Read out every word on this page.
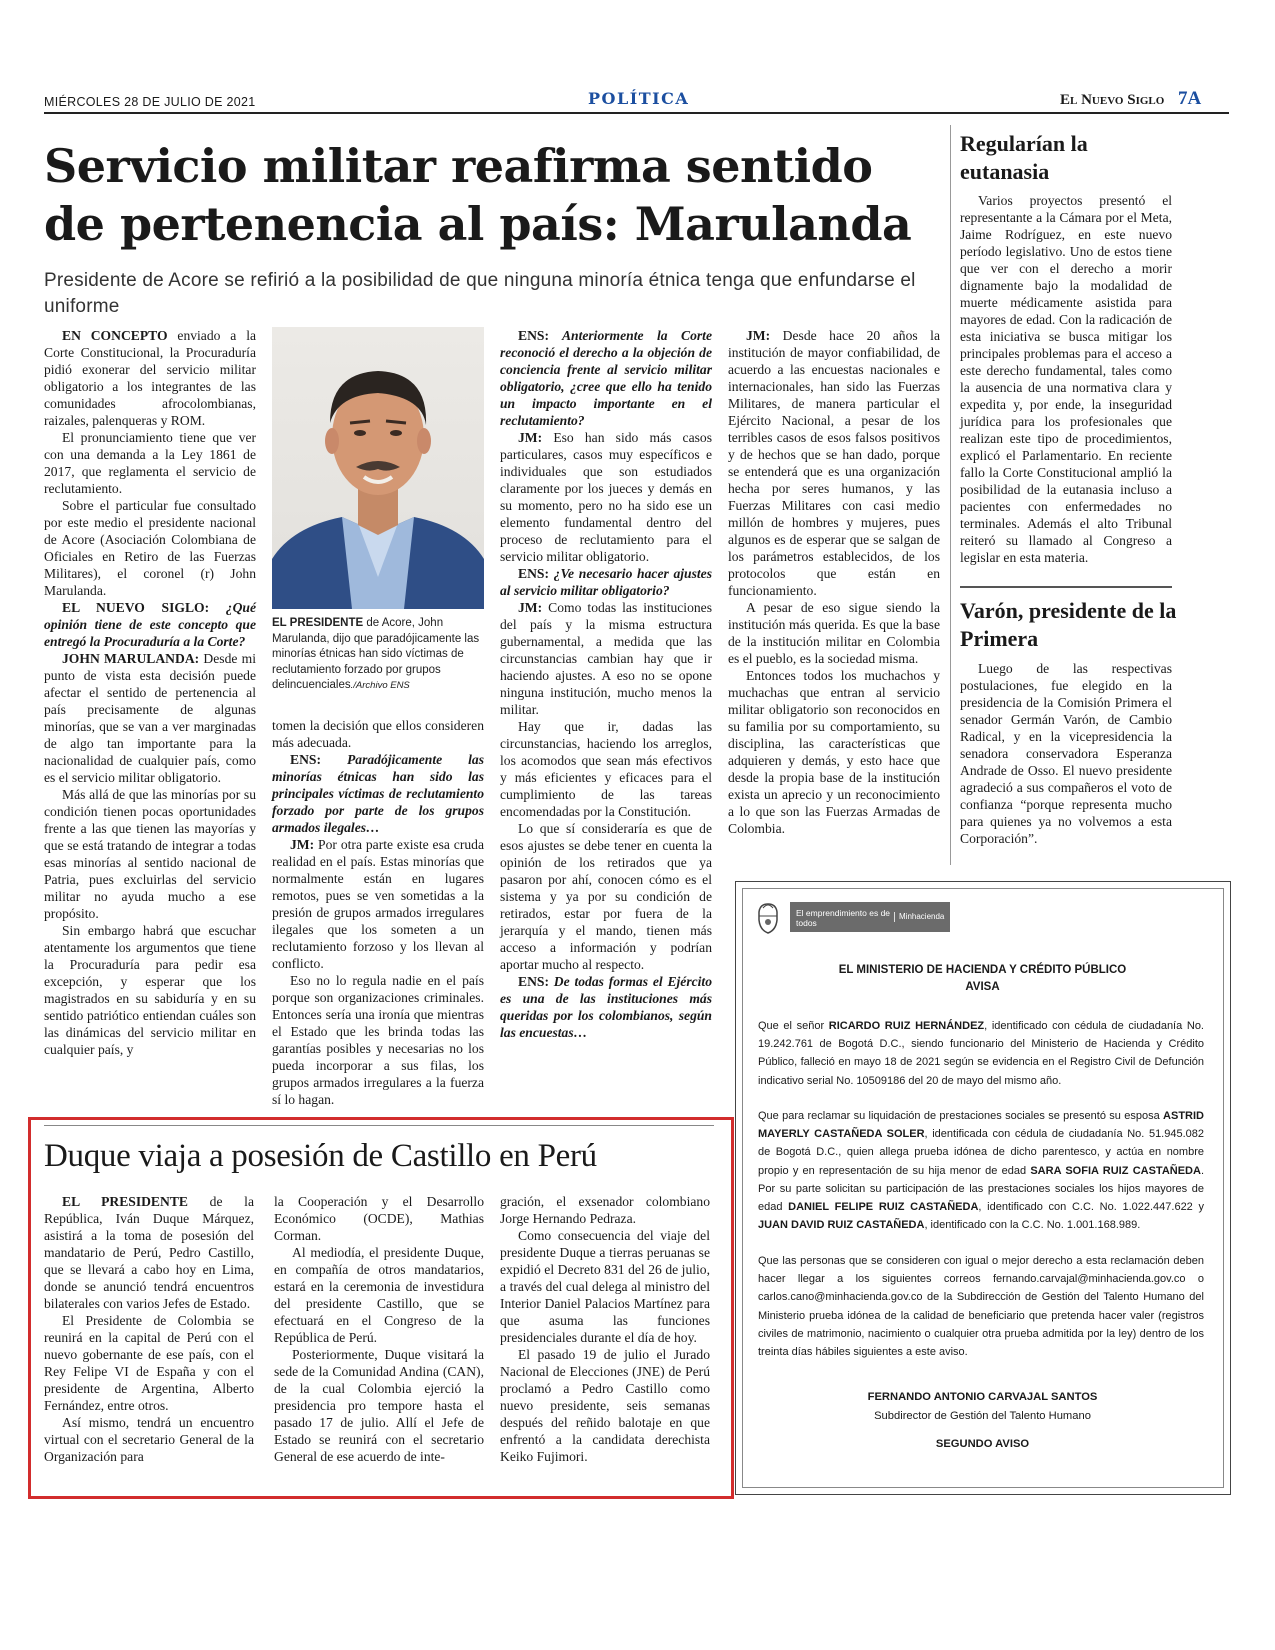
MIÉRCOLES 28 DE JULIO DE 2021	POLÍTICA	El Nuevo Siglo 7A
Servicio militar reafirma sentido
de pertenencia al país: Marulanda
Presidente de Acore se refirió a la posibilidad de que ninguna minoría étnica tenga que enfundarse el uniforme

EN CONCEPTO enviado a la Corte Constitucional, la Procuraduría pidió exonerar del servicio militar obligatorio a los integrantes de las comunidades afrocolombianas, raizales, palenqueras y ROM.

El pronunciamiento tiene que ver con una demanda a la Ley 1861 de 2017, que reglamenta el servicio de reclutamiento.

Sobre el particular fue consultado por este medio el presidente nacional de Acore (Asociación Colombiana de Oficiales en Retiro de las Fuerzas Militares), el coronel (r) John Marulanda.

EL NUEVO SIGLO: ¿Qué opinión tiene de este concepto que entregó la Procuraduría a la Corte?

JOHN MARULANDA: Desde mi punto de vista esta decisión puede afectar el sentido de pertenencia al país precisamente de algunas minorías, que se van a ver marginadas de algo tan importante para la nacionalidad de cualquier país, como es el servicio militar obligatorio.

Más allá de que las minorías por su condición tienen pocas oportunidades frente a las que tienen las mayorías y que se está tratando de integrar a todas esas minorías al sentido nacional de Patria, pues excluirlas del servicio militar no ayuda mucho a ese propósito.

Sin embargo habrá que escuchar atentamente los argumentos que tiene la Procuraduría para pedir esa excepción, y esperar que los magistrados en su sabiduría y en su sentido patriótico entiendan cuáles son las dinámicas del servicio militar en cualquier país, y

EL PRESIDENTE de Acore, John Marulanda, dijo que paradójicamente las minorías étnicas han sido víctimas de reclutamiento forzado por grupos delincuenciales./Archivo ENS

tomen la decisión que ellos consideren más adecuada.

ENS: Paradójicamente las minorías étnicas han sido las principales víctimas de reclutamiento forzado por parte de los grupos armados ilegales…

JM: Por otra parte existe esa cruda realidad en el país. Estas minorías que normalmente están en lugares remotos, pues se ven sometidas a la presión de grupos armados irregulares ilegales que los someten a un reclutamiento forzoso y los llevan al conflicto.

Eso no lo regula nadie en el país porque son organizaciones criminales. Entonces sería una ironía que mientras el Estado que les brinda todas las garantías posibles y necesarias no los pueda incorporar a sus filas, los grupos armados irregulares a la fuerza sí lo hagan.

ENS: Anteriormente la Corte reconoció el derecho a la objeción de conciencia frente al servicio militar obligatorio, ¿cree que ello ha tenido un impacto importante en el reclutamiento?

JM: Eso han sido más casos particulares, casos muy específicos e individuales que son estudiados claramente por los jueces y demás en su momento, pero no ha sido ese un elemento fundamental dentro del proceso de reclutamiento para el servicio militar obligatorio.

ENS: ¿Ve necesario hacer ajustes al servicio militar obligatorio?

JM: Como todas las instituciones del país y la misma estructura gubernamental, a medida que las circunstancias cambian hay que ir haciendo ajustes. A eso no se opone ninguna institución, mucho menos la militar.

Hay que ir, dadas las circunstancias, haciendo los arreglos, los acomodos que sean más efectivos y más eficientes y eficaces para el cumplimiento de las tareas encomendadas por la Constitución.

Lo que sí consideraría es que de esos ajustes se debe tener en cuenta la opinión de los retirados que ya pasaron por ahí, conocen cómo es el sistema y ya por su condición de retirados, estar por fuera de la jerarquía y el mando, tienen más acceso a información y podrían aportar mucho al respecto.

ENS: De todas formas el Ejército es una de las instituciones más queridas por los colombianos, según las encuestas…

JM: Desde hace 20 años la institución de mayor confiabilidad, de acuerdo a las encuestas nacionales e internacionales, han sido las Fuerzas Militares, de manera particular el Ejército Nacional, a pesar de los terribles casos de esos falsos positivos y de hechos que se han dado, porque se entenderá que es una organización hecha por seres humanos, y las Fuerzas Militares con casi medio millón de hombres y mujeres, pues algunos es de esperar que se salgan de los parámetros establecidos, de los protocolos que están en funcionamiento.

A pesar de eso sigue siendo la institución más querida. Es que la base de la institución militar en Colombia es el pueblo, es la sociedad misma.

Entonces todos los muchachos y muchachas que entran al servicio militar obligatorio son reconocidos en su familia por su comportamiento, su disciplina, las características que adquieren y demás, y esto hace que desde la propia base de la institución exista un aprecio y un reconocimiento a lo que son las Fuerzas Armadas de Colombia.

Regularían la eutanasia

Varios proyectos presentó el representante a la Cámara por el Meta, Jaime Rodríguez, en este nuevo período legislativo. Uno de estos tiene que ver con el derecho a morir dignamente bajo la modalidad de muerte médicamente asistida para mayores de edad. Con la radicación de esta iniciativa se busca mitigar los principales problemas para el acceso a este derecho fundamental, tales como la ausencia de una normativa clara y expedita y, por ende, la inseguridad jurídica para los profesionales que realizan este tipo de procedimientos, explicó el Parlamentario. En reciente fallo la Corte Constitucional amplió la posibilidad de la eutanasia incluso a pacientes con enfermedades no terminales. Además el alto Tribunal reiteró su llamado al Congreso a legislar en esta materia.

Varón, presidente de la Primera

Luego de las respectivas postulaciones, fue elegido en la presidencia de la Comisión Primera el senador Germán Varón, de Cambio Radical, y en la vicepresidencia la senadora conservadora Esperanza Andrade de Osso. El nuevo presidente agradeció a sus compañeros el voto de confianza “porque representa mucho para quienes ya no volvemos a esta Corporación”.

Duque viaja a posesión de Castillo en Perú

EL PRESIDENTE de la República, Iván Duque Márquez, asistirá a la toma de posesión del mandatario de Perú, Pedro Castillo, que se llevará a cabo hoy en Lima, donde se anunció tendrá encuentros bilaterales con varios Jefes de Estado.

El Presidente de Colombia se reunirá en la capital de Perú con el nuevo gobernante de ese país, con el Rey Felipe VI de España y con el presidente de Argentina, Alberto Fernández, entre otros.

Así mismo, tendrá un encuentro virtual con el secretario General de la Organización para

la Cooperación y el Desarrollo Económico (OCDE), Mathias Corman.

Al mediodía, el presidente Duque, en compañía de otros mandatarios, estará en la ceremonia de investidura del presidente Castillo, que se efectuará en el Congreso de la República de Perú.

Posteriormente, Duque visitará la sede de la Comunidad Andina (CAN), de la cual Colombia ejerció la presidencia pro tempore hasta el pasado 17 de julio. Allí el Jefe de Estado se reunirá con el secretario General de ese acuerdo de inte-

gración, el exsenador colombiano Jorge Hernando Pedraza.

Como consecuencia del viaje del presidente Duque a tierras peruanas se expidió el Decreto 831 del 26 de julio, a través del cual delega al ministro del Interior Daniel Palacios Martínez para que asuma las funciones presidenciales durante el día de hoy.

El pasado 19 de julio el Jurado Nacional de Elecciones (JNE) de Perú proclamó a Pedro Castillo como nuevo presidente, seis semanas después del reñido balotaje en que enfrentó a la candidata derechista Keiko Fujimori.

El emprendimiento es de todos
Minhacienda
EL MINISTERIO DE HACIENDA Y CRÉDITO PÚBLICO
AVISA
Que el señor RICARDO RUIZ HERNÁNDEZ, identificado con cédula de ciudadanía No. 19.242.761 de Bogotá D.C., siendo funcionario del Ministerio de Hacienda y Crédito Público, falleció en mayo 18 de 2021 según se evidencia en el Registro Civil de Defunción indicativo serial No. 10509186 del 20 de mayo del mismo año.
Que para reclamar su liquidación de prestaciones sociales se presentó su esposa ASTRID MAYERLY CASTAÑEDA SOLER, identificada con cédula de ciudadanía No. 51.945.082 de Bogotá D.C., quien allega prueba idónea de dicho parentesco, y actúa en nombre propio y en representación de su hija menor de edad SARA SOFIA RUIZ CASTAÑEDA. Por su parte solicitan su participación de las prestaciones sociales los hijos mayores de edad DANIEL FELIPE RUIZ CASTAÑEDA, identificado con C.C. No. 1.022.447.622 y JUAN DAVID RUIZ CASTAÑEDA, identificado con la C.C. No. 1.001.168.989.
Que las personas que se consideren con igual o mejor derecho a esta reclamación deben hacer llegar a los siguientes correos fernando.carvajal@minhacienda.gov.co o carlos.cano@minhacienda.gov.co de la Subdirección de Gestión del Talento Humano del Ministerio prueba idónea de la calidad de beneficiario que pretenda hacer valer (registros civiles de matrimonio, nacimiento o cualquier otra prueba admitida por la ley) dentro de los treinta días hábiles siguientes a este aviso.
FERNANDO ANTONIO CARVAJAL SANTOS
Subdirector de Gestión del Talento Humano
SEGUNDO AVISO
